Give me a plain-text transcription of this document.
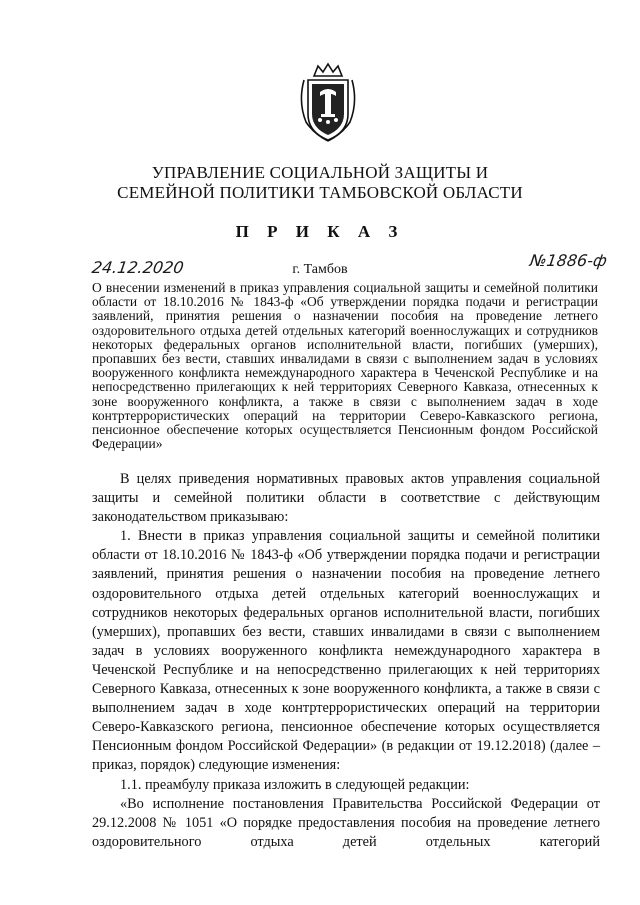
УПРАВЛЕНИЕ СОЦИАЛЬНОЙ ЗАЩИТЫ И
СЕМЕЙНОЙ ПОЛИТИКИ ТАМБОВСКОЙ ОБЛАСТИ
П Р И К А З
24.12.2020	г. Тамбов	№1886-ф

О внесении изменений в приказ управления социальной защиты и семейной политики области от 18.10.2016 № 1843-ф «Об утверждении порядка подачи и регистрации заявлений, принятия решения о назначении пособия на проведение летнего оздоровительного отдыха детей отдельных категорий военнослужащих и сотрудников некоторых федеральных органов исполнительной власти, погибших (умерших), пропавших без вести, ставших инвалидами в связи с выполнением задач в условиях вооруженного конфликта немеждународного характера в Чеченской Республике и на непосредственно прилегающих к ней территориях Северного Кавказа, отнесенных к зоне вооруженного конфликта, а также в связи с выполнением задач в ходе контртеррористических операций на территории Северо-Кавказского региона, пенсионное обеспечение которых осуществляется Пенсионным фондом Российской Федерации»

В целях приведения нормативных правовых актов управления социальной защиты и семейной политики области в соответствие с действующим законодательством приказываю:

1. Внести в приказ управления социальной защиты и семейной политики области от 18.10.2016 № 1843-ф «Об утверждении порядка подачи и регистрации заявлений, принятия решения о назначении пособия на проведение летнего оздоровительного отдыха детей отдельных категорий военнослужащих и сотрудников некоторых федеральных органов исполнительной власти, погибших (умерших), пропавших без вести, ставших инвалидами в связи с выполнением задач в условиях вооруженного конфликта немеждународного характера в Чеченской Республике и на непосредственно прилегающих к ней территориях Северного Кавказа, отнесенных к зоне вооруженного конфликта, а также в связи с выполнением задач в ходе контртеррористических операций на территории Северо-Кавказского региона, пенсионное обеспечение которых осуществляется Пенсионным фондом Российской Федерации» (в редакции от 19.12.2018) (далее – приказ, порядок) следующие изменения:

1.1. преамбулу приказа изложить в следующей редакции:

«Во исполнение постановления Правительства Российской Федерации от 29.12.2008 № 1051 «О порядке предоставления пособия на проведение летнего оздоровительного отдыха детей отдельных категорий
